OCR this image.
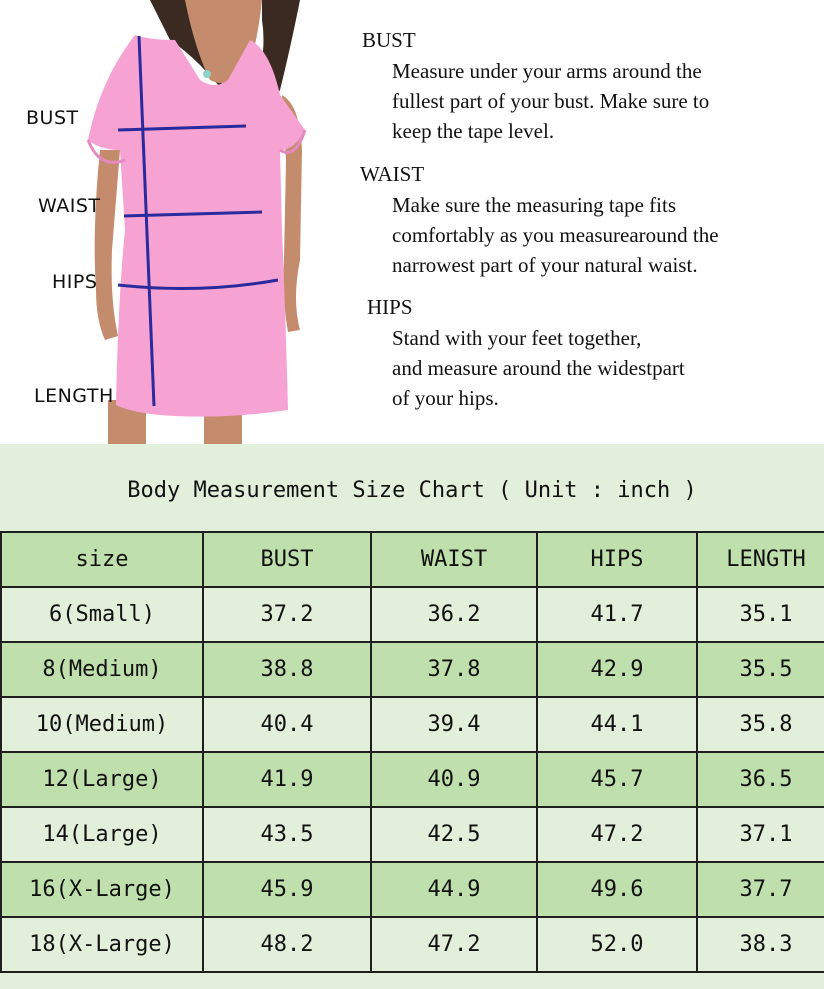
BUST
WAIST
HIPS
LENGTH
BUST
Measure under your arms around the
fullest part of your bust. Make sure to
keep the tape level.
WAIST
Make sure the measuring tape fits
comfortably as you measurearound the
narrowest part of your natural waist.
HIPS
Stand with your feet together,
and measure around the widestpart
of your hips.
Body Measurement Size Chart ( Unit : inch )
size	BUST	WAIST	HIPS	LENGTH
6(Small)	37.2	36.2	41.7	35.1
8(Medium)	38.8	37.8	42.9	35.5
10(Medium)	40.4	39.4	44.1	35.8
12(Large)	41.9	40.9	45.7	36.5
14(Large)	43.5	42.5	47.2	37.1
16(X-Large)	45.9	44.9	49.6	37.7
18(X-Large)	48.2	47.2	52.0	38.3
